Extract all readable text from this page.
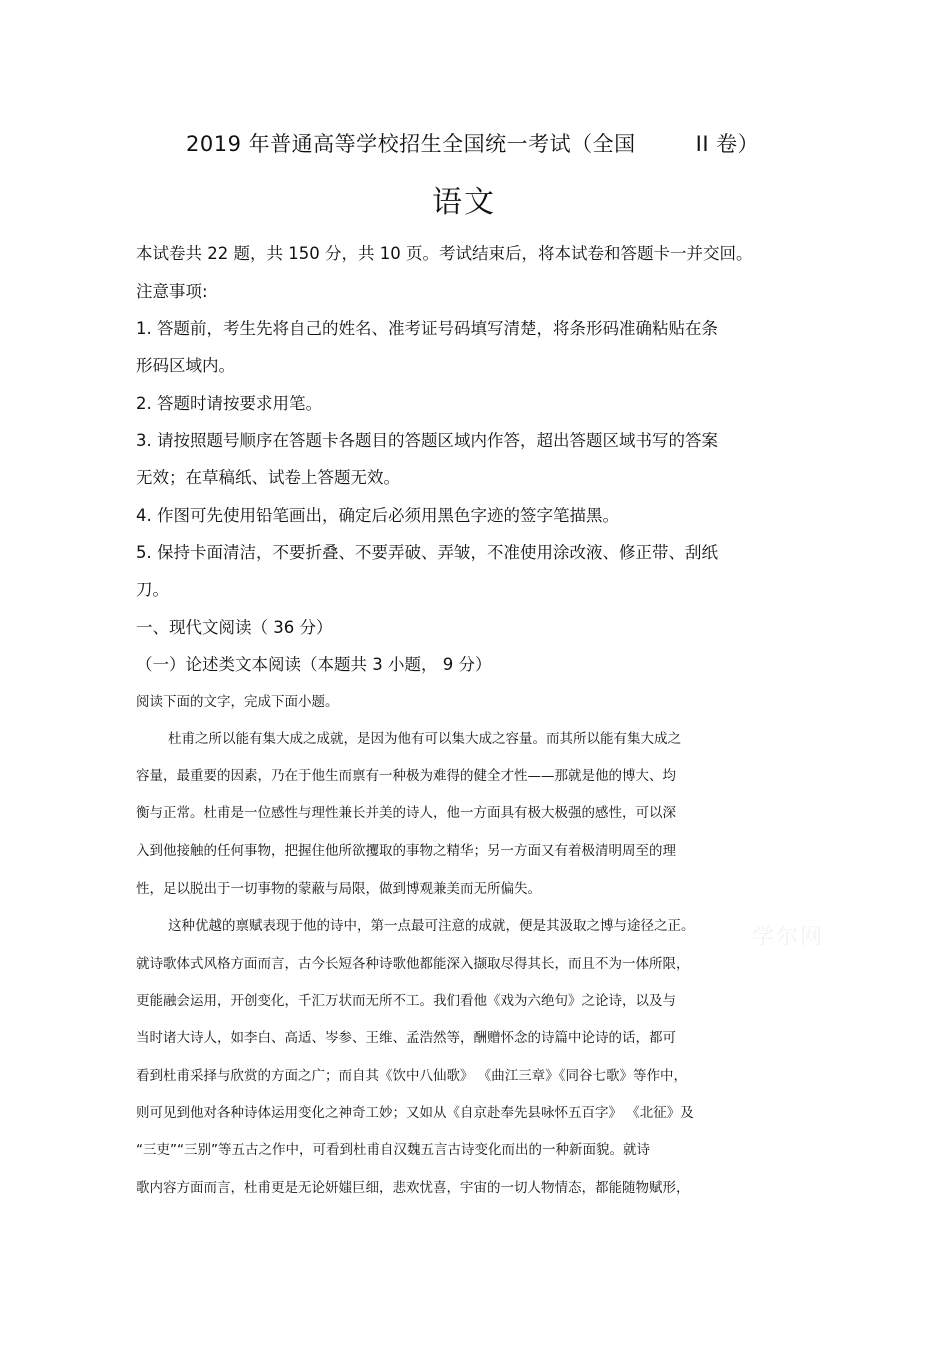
2019 年普通高等学校招生全国统一考试（全国	II 卷）
语文
本试卷共 22 题，共 150 分，共 10 页。考试结束后，将本试卷和答题卡一并交回。
注意事项:
1. 答题前，考生先将自己的姓名、准考证号码填写清楚，将条形码准确粘贴在条
形码区域内。
2. 答题时请按要求用笔。
3. 请按照题号顺序在答题卡各题目的答题区域内作答，超出答题区域书写的答案
无效；在草稿纸、试卷上答题无效。
4. 作图可先使用铅笔画出，确定后必须用黑色字迹的签字笔描黑。
5. 保持卡面清洁，不要折叠、不要弄破、弄皱，不准使用涂改液、修正带、刮纸
刀。
一、现代文阅读（ 36 分）
（一）论述类文本阅读（本题共 3 小题， 9 分）
阅读下面的文字，完成下面小题。
杜甫之所以能有集大成之成就，是因为他有可以集大成之容量。而其所以能有集大成之
容量，最重要的因素，乃在于他生而禀有一种极为难得的健全才性——那就是他的博大、均
衡与正常。杜甫是一位感性与理性兼长并美的诗人，他一方面具有极大极强的感性，可以深
入到他接触的任何事物，把握住他所欲攫取的事物之精华；另一方面又有着极清明周至的理
性，足以脱出于一切事物的蒙蔽与局限，做到博观兼美而无所偏失。
这种优越的禀赋表现于他的诗中，第一点最可注意的成就，便是其汲取之博与途径之正。
就诗歌体式风格方面而言，古今长短各种诗歌他都能深入撷取尽得其长，而且不为一体所限，
更能融会运用，开创变化，千汇万状而无所不工。我们看他《戏为六绝句》之论诗，以及与
当时诸大诗人，如李白、高适、岑参、王维、孟浩然等，酬赠怀念的诗篇中论诗的话，都可
看到杜甫采择与欣赏的方面之广；而自其《饮中八仙歌》 《曲江三章》《同谷七歌》等作中，
则可见到他对各种诗体运用变化之神奇工妙；又如从《自京赴奉先县咏怀五百字》 《北征》及
“三吏”“三别”等五古之作中，可看到杜甫自汉魏五言古诗变化而出的一种新面貌。就诗
歌内容方面而言，杜甫更是无论妍媸巨细，悲欢忧喜，宇宙的一切人物情态，都能随物赋形，
学尔网
